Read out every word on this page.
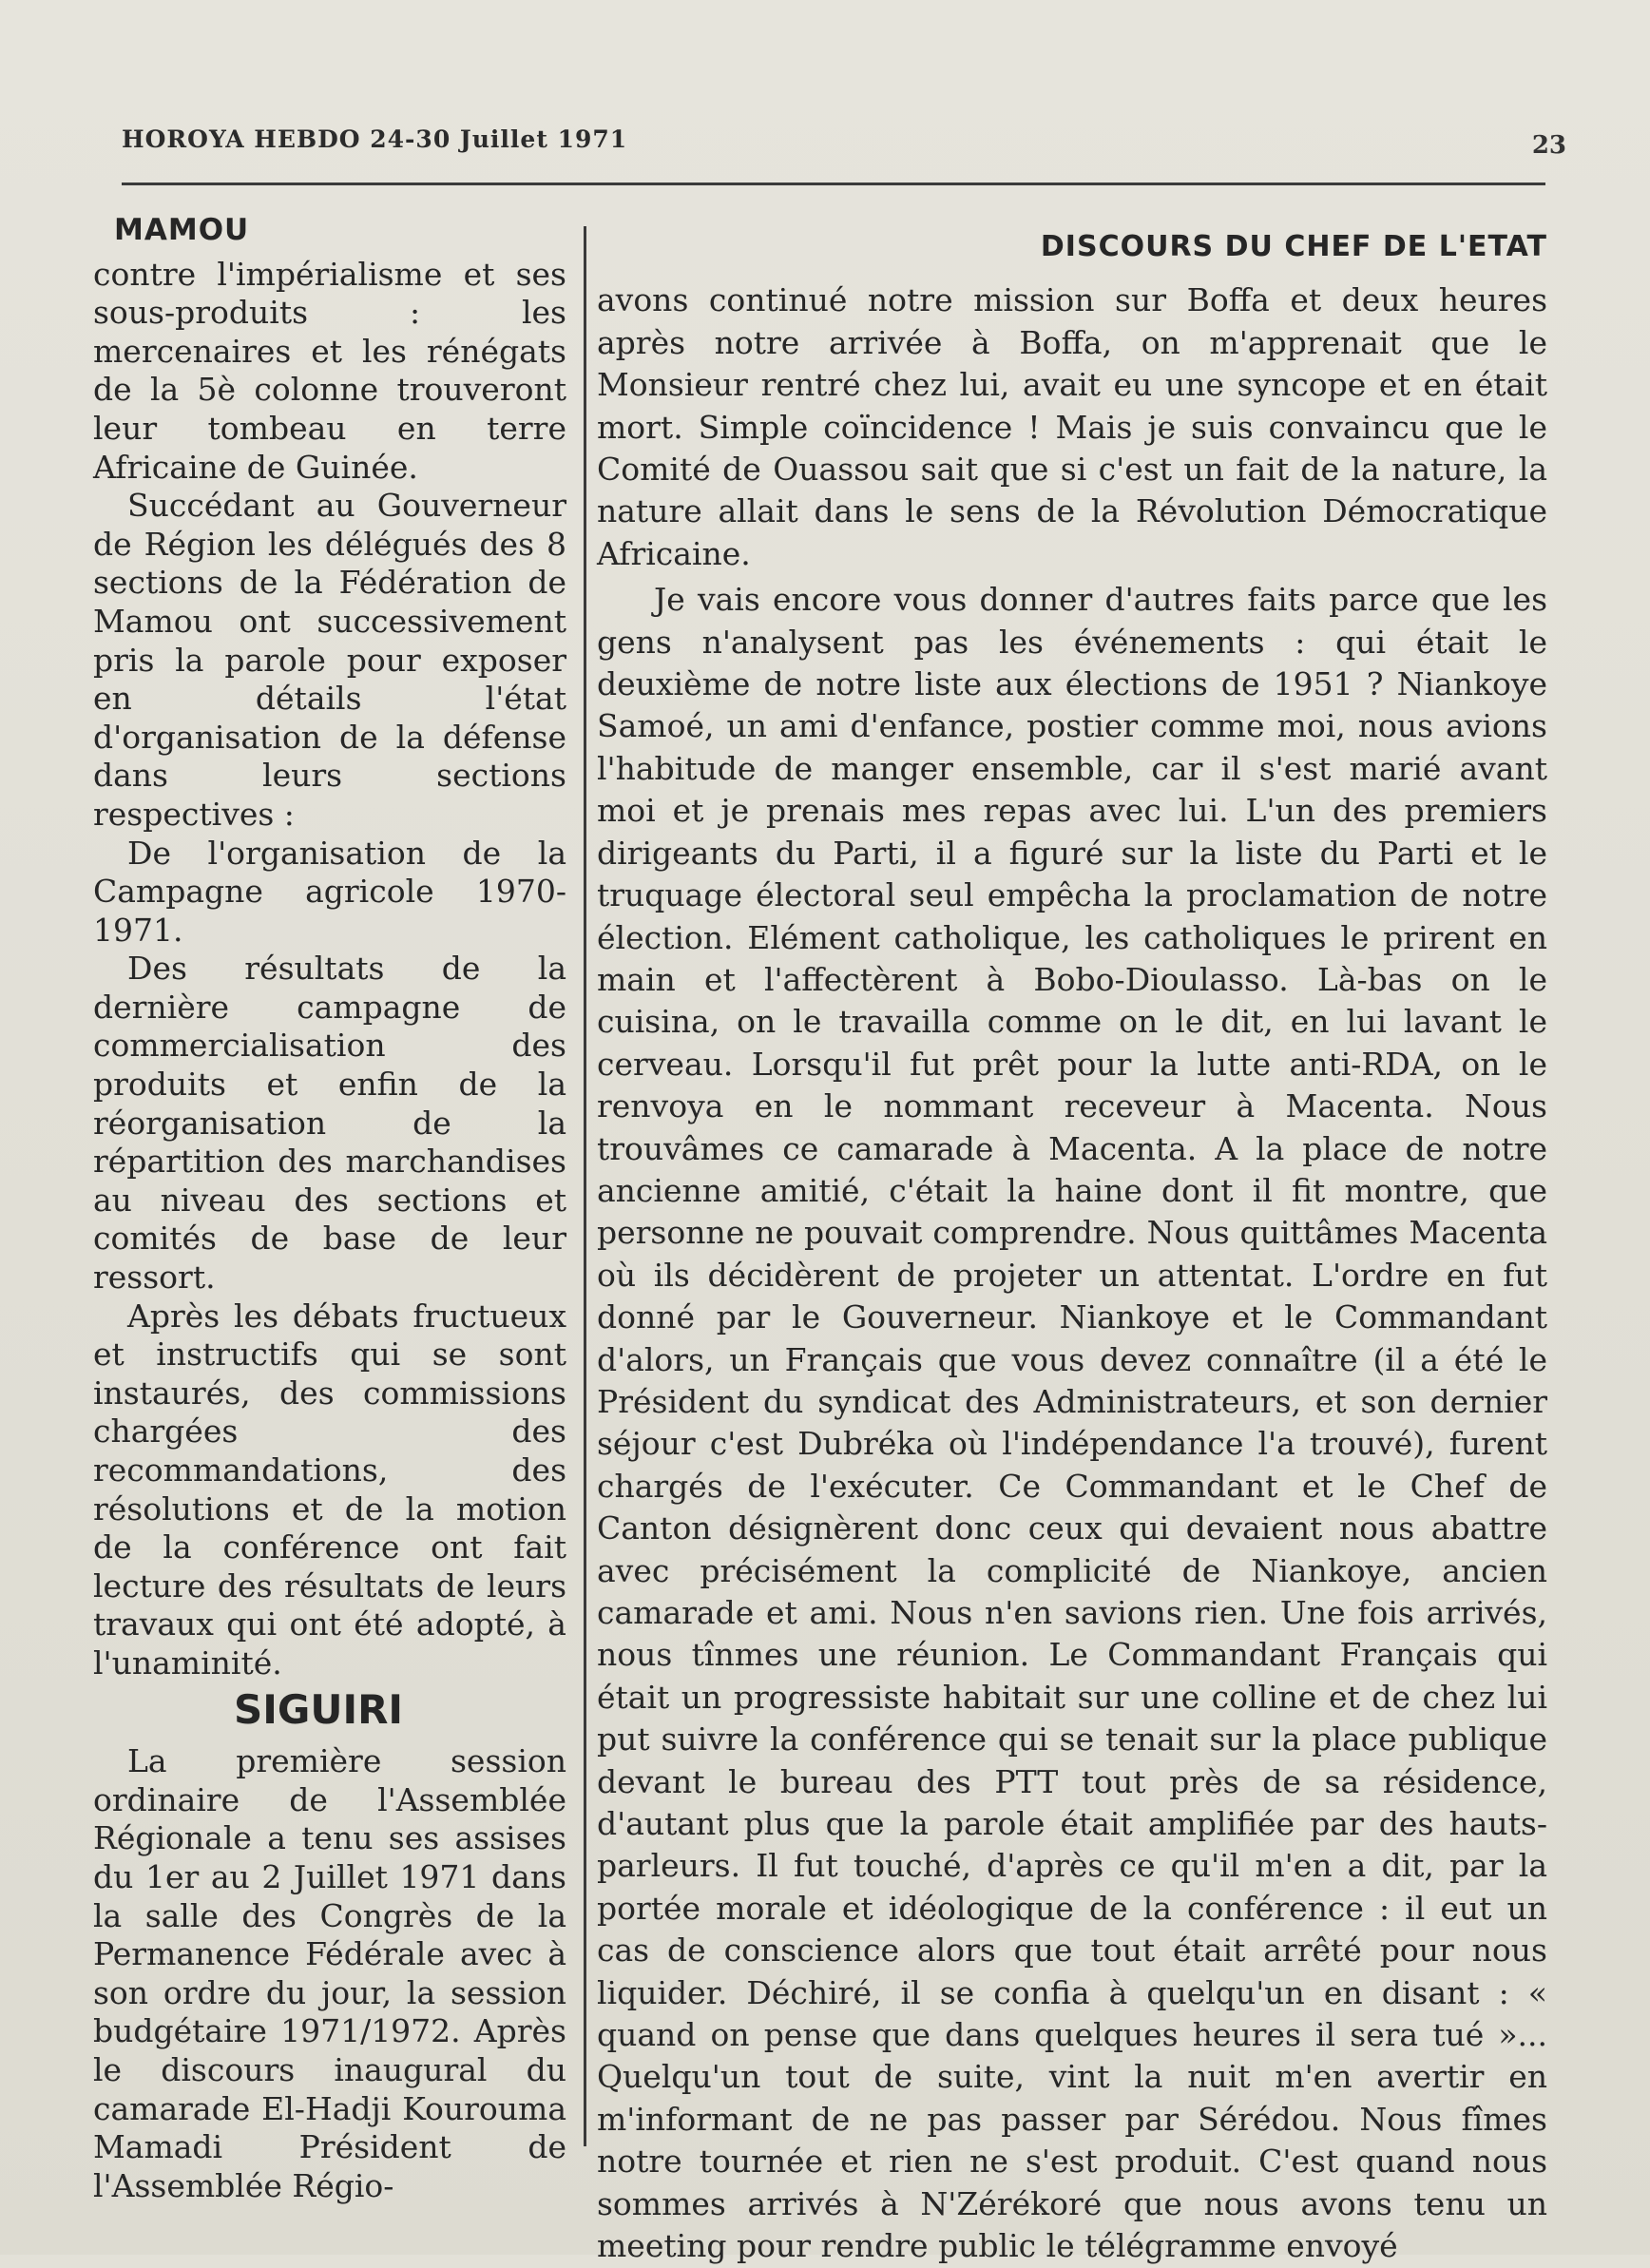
HOROYA HEBDO 24-30 Juillet 1971	23
MAMOU

contre l'impérialisme et ses sous-produits : les mercenaires et les rénégats de la 5è colonne trouveront leur tombeau en terre Africaine de Guinée.

Succédant au Gouverneur de Région les délégués des 8 sections de la Fédération de Mamou ont successivement pris la parole pour exposer en détails l'état d'organisation de la défense dans leurs sections respectives :

De l'organisation de la Campagne agricole 1970-1971.

Des résultats de la dernière campagne de commercialisation des produits et enfin de la réorganisation de la répartition des marchandises au niveau des sections et comités de base de leur ressort.

Après les débats fructueux et instructifs qui se sont instaurés, des commissions chargées des recommandations, des résolutions et de la motion de la conférence ont fait lecture des résultats de leurs travaux qui ont été adopté, à l'unaminité.

SIGUIRI

La première session ordinaire de l'Assemblée Régionale a tenu ses assises du 1er au 2 Juillet 1971 dans la salle des Congrès de la Permanence Fédérale avec à son ordre du jour, la session budgétaire 1971/1972. Après le discours inaugural du camarade El-Hadji Kourouma Mamadi Président de l'Assemblée Régio-

DISCOURS DU CHEF DE L'ETAT

avons continué notre mission sur Boffa et deux heures après notre arrivée à Boffa, on m'apprenait que le Monsieur rentré chez lui, avait eu une syncope et en était mort. Simple coïncidence ! Mais je suis convaincu que le Comité de Ouassou sait que si c'est un fait de la nature, la nature allait dans le sens de la Révolution Démocratique Africaine.

Je vais encore vous donner d'autres faits parce que les gens n'analysent pas les événements : qui était le deuxième de notre liste aux élections de 1951 ? Niankoye Samoé, un ami d'enfance, postier comme moi, nous avions l'habitude de manger ensemble, car il s'est marié avant moi et je prenais mes repas avec lui. L'un des premiers dirigeants du Parti, il a figuré sur la liste du Parti et le truquage électoral seul empêcha la proclamation de notre élection. Elément catholique, les catholiques le prirent en main et l'affectèrent à Bobo-Dioulasso. Là-bas on le cuisina, on le travailla comme on le dit, en lui lavant le cerveau. Lorsqu'il fut prêt pour la lutte anti-RDA, on le renvoya en le nommant receveur à Macenta. Nous trouvâmes ce camarade à Macenta. A la place de notre ancienne amitié, c'était la haine dont il fit montre, que personne ne pouvait comprendre. Nous quittâmes Macenta où ils décidèrent de projeter un attentat. L'ordre en fut donné par le Gouverneur. Niankoye et le Commandant d'alors, un Français que vous devez connaître (il a été le Président du syndicat des Administrateurs, et son dernier séjour c'est Dubréka où l'indépendance l'a trouvé), furent chargés de l'exécuter. Ce Commandant et le Chef de Canton désignèrent donc ceux qui devaient nous abattre avec précisément la complicité de Niankoye, ancien camarade et ami. Nous n'en savions rien. Une fois arrivés, nous tînmes une réunion. Le Commandant Français qui était un progressiste habitait sur une colline et de chez lui put suivre la conférence qui se tenait sur la place publique devant le bureau des PTT tout près de sa résidence, d'autant plus que la parole était amplifiée par des hauts-parleurs. Il fut touché, d'après ce qu'il m'en a dit, par la portée morale et idéologique de la conférence : il eut un cas de conscience alors que tout était arrêté pour nous liquider. Déchiré, il se confia à quelqu'un en disant : « quand on pense que dans quelques heures il sera tué »... Quelqu'un tout de suite, vint la nuit m'en avertir en m'informant de ne pas passer par Sérédou. Nous fîmes notre tournée et rien ne s'est produit. C'est quand nous sommes arrivés à N'Zérékoré que nous avons tenu un meeting pour rendre public le télégramme envoyé
